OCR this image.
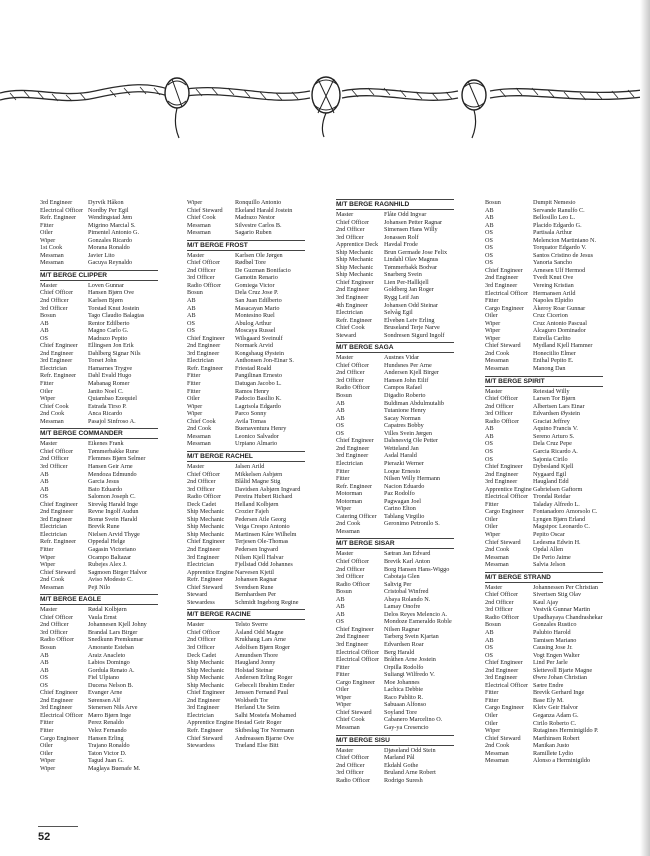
3rd Engineer	Dyrvik Håkon
Electrical Officer Nordby Per Egil
Refr. Engineer	Wendingstad Jøm
Fitter	Migrino Marcial S.
Oiler	Pimentel Antonio G.
Wiper	Gonzales Ricardo
1st Cook	Morana Ronaldo
Messman	Javier Lito
Messman	Gacuya Reynaldo
M/T BERGE CLIPPER
Master	Loven Gunnar
Chief Officer	Hansen Bjørn Ove
2nd Officer	Karlsen Bjørn
3rd Officer	Torstad Knut Jostein
Bosun	Tago Claudio Balagtas
AB	Rentor Edilberto
AB	Magno Carlo G.
OS	Madrazo Pepito
Chief Engineer	Ellingsen Jon Erik
2nd Engineer	Dahlberg Signar Nils
3rd Engineer	Torset John
Electrician	Hamarnes Trygve
Refr. Engineer	Dahl Evald Hugo
Fitter	Mabanag Romer
Oiler	Janito Noel C.
Wiper	Quiambao Ezequiel
Chief Cook	Estrada Tirso P.
2nd Cook	Anca Ricardo
Messman	Pasajol Sinfroso A.
M/T BERGE COMMANDER
Master	Eikenes Frank
Chief Officer	Tømmerbakke Rune
2nd Officer	Flemmes Bjørn Selmer
3rd Officer	Hansen Geir Arne
AB	Mendoza Edmundo
AB	Garcia Jesus
AB	Bato Eduardo
OS	Salomon Joseph C.
Chief Engineer	Sirevåg Harald Inge
2nd Engineer	Revne Ingolf Audun
3rd Engineer	Bomø Svein Harald
Electrician	Brevik Rune
Electrician	Nielsen Arvid Thyge
Refr. Engineer	Oppedal Helge
Fitter	Gagasin Victoriano
Wiper	Ocampo Baltazar
Wiper	Rubejes Alex J.
Chief Steward	Sagmoen Birger Halvor
2nd Cook	Aviso Modesto C.
Messman	Peji Nilo
M/T BERGE EAGLE
Master	Rødal Kolbjørn
Chief Officer	Vaula Ernst
2nd Officer	Johannesen Kjell Johny
3rd Officer	Brandal Lars Birger
Radio Officer	Snedkunn Premkumar
Bosun	Amorante Esteban
AB	Araiz Anacleto
AB	Labios Domingo
AB	Gordula Renato A.
OS	Fiel Ulpiano
OS	Ducena Nelson B.
Chief Engineer	Evanger Arne
2nd Engineer	Sørensen Alf
3rd Engineer	Stenersen Nils Arve
Electrical Officer Mæro Bjørn Inge
Fitter	Perez Renaldo
Fitter	Velez Fernando
Cargo Engineer	Hansen Erling
Oiler	Trajano Ronaldo
Oiler	Taton Victor D.
Wiper	Tagud Juan G.
Wiper	Maglaya Buenafe M.
Wiper	Ronquillo Antonio
Chief Steward	Ekeland Harald Jostein
Chief Cook	Madrazo Nestor
Messman	Silvestre Carlos B.
Messman	Sagario Ruben
M/T BERGE FROST
Master	Karlsen Ole Jørgen
Chief Officer	Rødbøl Tore
2nd Officer	De Guzman Bonifacio
3rd Officer	Gamotin Renario
Radio Officer	Gomiega Victor
Bosun	Dela Cruz Jose P.
AB	San Juan Edilberto
AB	Masacayan Mario
AB	Montesino Ruel
OS	Abulog Arthur
OS	Moscaya Russel
Chief Engineer	Wilsgaard Sveinulf
2nd Engineer	Normark Arvid
3rd Engineer	Kongshaug Øystein
Electrician	Anthonsen Jon-Einar S.
Refr. Engineer	Friestad Roald
Fitter	Pangilinan Ernesto
Fitter	Datugan Jacobo L.
Fitter	Ramos Henry
Oiler	Padocio Basilio K.
Wiper	Lagrisola Edgardo
Wiper	Parco Sonny
Chief Cook	Avila Tomas
2nd Cook	Buenaventura Henry
Messman	Leonico Salvador
Messman	Urpiano Almario
M/T BERGE RACHEL
Master	Jalsen Arild
Chief Officer	Mikkelsen Asbjørn
2nd Officer	Blålid Magne Stig
3rd Officer	Davidsen Asbjørn Ingvard
Radio Officer	Pereira Hubert Richard
Deck Cadet	Helland Kolbjørn
Ship Mechanic	Crozier Fajeh
Ship Mechanic	Pedersen Atle Georg
Ship Mechanic	Veiga Crespo Antonio
Ship Mechanic	Martinsen Kåre Wilhelm
Chief Engineer	Terjesen Ole-Thomas
2nd Engineer	Pedersen Ingvard
3rd Engineer	Nilsen Kjell Halvar
Electrician	Fjellstad Odd Johannes
Apprentice Engine Narvesen Kjetil
Refr. Engineer	Johansen Ragnar
Chief Steward	Svendsen Rune
Steward	Bernhardsen Per
Stewardess	Schmidt Ingeborg Regine
M/T BERGE RACINE
Master	Telsto Sverre
Chief Officer	Åsland Odd Magne
2nd Officer	Krukhaug Lars Arne
3rd Officer	Adolfsen Bjørn Roger
Deck Cadet	Amundsen Thore
Ship Mechanic	Haugland Jonny
Ship Mechanic	Holstad Steinar
Ship Mechanic	Andersen Erling Roger
Ship Mechanic	Gebeceli Ibrahim Ender
Chief Engineer	Jenssen Fernand Paul
2nd Engineer	Woldseth Tor
3rd Engineer	Herland Ute Seim
Electrician	Salhi Mostefa Mohamed
Apprentice Engine Hestad Geir Roger
Refr. Engineer	Skibeslag Tor Normann
Chief Steward	Andreassen Bjarne Ove
Stewardess	Træland Else Bitt
M/T BERGE RAGNHILD
Master	Flåte Odd Ingvar
Chief Officer	Johansen Petter Ragnar
2nd Officer	Simensen Hans Willy
3rd Officer	Jonassen Rolf
Apprentice Deck Havdal Frode
Ship Mechanic	Brun Germade Jose Felix
Ship Mechanic	Lindahl Olav Magnus
Ship Mechanic	Tømmerbakk Bodvar
Ship Mechanic	Snarberg Svein
Chief Engineer	Lien Per-Hallkjell
2nd Engineer	Goldberg Jan Roger
3rd Engineer	Rygg Leif Jan
4th Engineer	Johansen Odd Steinar
Electrician	Selvåg Egil
Refr. Engineer	Elvebøn Leiv Erling
Chief Cook	Bruseland Terje Narve
Steward	Sondresen Sigurd Ingolf
M/T BERGE SAGA
Master	Austnes Vidar
Chief Officer	Hundsnes Per Arne
2nd Officer	Andersen Kjell Birger
3rd Officer	Hansen John Eilif
Radio Officer	Campos Rafael
Bosun	Digadio Roberto
AB	Buldiman Abdulmutalib
AB	Tutanione Henry
AB	Sacay Norman
OS	Capatres Bobby
OS	Villes Svein Jørgen
Chief Engineer	Dalsnesvig Ole Petter
2nd Engineer	Wetteland Jan
3rd Engineer	Asdal Harald
Electrician	Pierazki Werner
Fitter	Loque Ernesto
Fitter	Nilsen Willy Hermann
Refr. Engineer	Nacion Eduardo
Motorman	Paz Rodolfo
Motorman	Pagwagan Joel
Wiper	Carino Elton
Catering Officer	Tablang Virgilio
2nd Cook	Geronimo Petronilo S.
Messman
M/T BERGE SISAR
Master	Sætran Jan Edvard
Chief Officer	Brevik Karl Anton
2nd Officer	Borg Hansen Hans-Wiggo
3rd Officer	Cabotaja Glen
Radio Officer	Saltvig Per
Bosun	Cristobal Winfred
AB	Abaya Rolando N.
AB	Lamay Onofre
AB	Delos Reyes Melencio A.
OS	Mondoze Esmeraldo Roble
Chief Engineer	Nilsen Ragnar
2nd Engineer	Tarberg Svein Kjartan
3rd Engineer	Edvardsen Roar
Electrical Officer Berg Harald
Electrical Officer Bråthen Arne Jostein
Fitter	Orpilla Rodolfo
Fitter	Suliangi Wilfredo V.
Cargo Engineer	Moe Johannes
Oiler	Lachica Debbie
Wiper	Raco Pablito R.
Wiper	Sabuaan Alfonso
Chief Steward	Soyland Tore
Chief Cook	Cabanero Marcelino O.
Messman	Gay-ya Cresencio
M/T BERGE SISU
Master	Djøseland Odd Stein
Chief Officer	Marland Pål
2nd Officer	Ekdahl Gothe
3rd Officer	Bruland Arne Robert
Radio Officer	Rodrigo Suresh
Bosun	Dumpit Nemesio
AB	Servande Ranulfo C.
AB	Bellosillo Leo L.
AB	Placido Edgardo G.
OS	Partisala Arthur
OS	Melencion Martiniano N.
OS	Torquator Edgardo V.
OS	Santos Cristino de Jesus
OS	Yanoria Sancho
Chief Engineer	Arnesen Ulf Hermod
2nd Engineer	Tvedt Knut Ove
3rd Engineer	Vereing Kristian
Electrical Officer Hermansen Arild
Fitter	Napoles Elpidio
Cargo Engineer	Åkeroy Roar Gunnar
Oiler	Cruz Cicerion
Wiper	Cruz Antonio Pascual
Wiper	Alcaguro Dominador
Wiper	Estrella Carlito
Chief Steward	Mydland Kjell Hammer
2nd Cook	Honeciilio Elmer
Messman	Enihal Pepito E.
Messman	Manong Dan
M/T BERGE SPIRIT
Master	Reiestad Willy
Chief Officer	Larsen Tor Bjørn
2nd Officer	Albertsen Lars Einar
3rd Officer	Edvardsen Øystein
Radio Officer	Graciat Jeffrey
AB	Aquino Francis V.
AB	Sereno Arturo S.
OS	Dela Cruz Pepe
OS	Garcia Ricardo A.
OS	Sajonia Cirilo
Chief Engineer	Dybesland Kjell
2nd Engineer	Nygaard Egil
3rd Engineer	Haugland Edd
Apprentice Engine Gabrielsen Gaftorm
Electrical Officer Trondal Reidar
Fitter	Taladay Alfredo L.
Cargo Engineer	Fontanadoro Amorsolo C.
Oiler	Lyngen Bjørn Erland
Oiler	Magsipoc Leonardo C.
Wiper	Pepito Oscar
Chief Steward	Ledesma Edwin H.
2nd Cook	Opdal Allen
Messman	De Perio Jaime
Messman	Salvia Jelson
M/T BERGE STRAND
Master	Johannessen Per Christian
Chief Officer	Sivertsen Stig Olav
2nd Officer	Kaul Ajay
3rd Officer	Vestvik Gunnar Martin
Radio Officer	Upadhayaya Chandrashekar
Bosun	Gonzales Rustico
AB	Palubio Harold
AB	Tamisen Mariano
OS	Causing Jose Jr.
OS	Vogt Engen Walter
Chief Engineer	Lind Per Jarle
2nd Engineer	Slettevoll Bjarte Magne
3rd Engineer	Øwre Johan Christian
Electrical Officer Sætre Endre
Fitter	Brevik Gerhard Inge
Fitter	Base Ely M.
Cargo Engineer	Kleiv Geir Halvor
Oiler	Geganza Adam G.
Oiler	Cirilo Roberto C.
Wiper	Rutagines Herminigildo P.
Chief Steward	Marthinsen Robert
2nd Cook	Manikan Justo
Messman	Ramillete Lydio
Messman	Alonso a Herminigildo
52
